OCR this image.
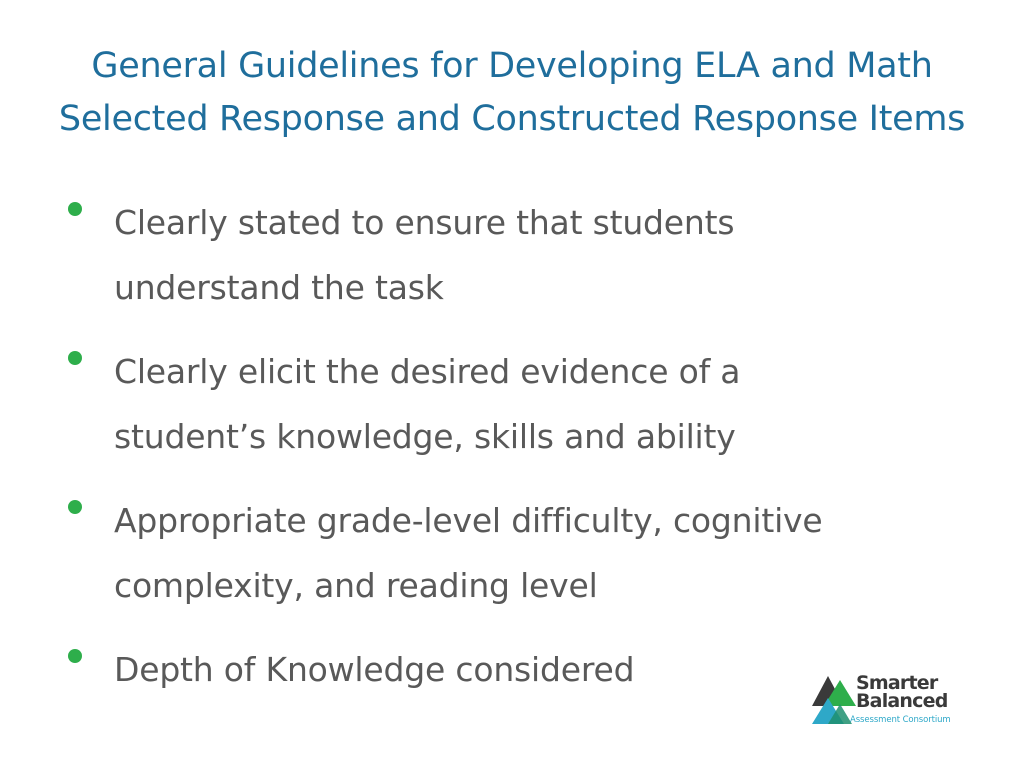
General Guidelines for Developing ELA and Math
Selected Response and Constructed Response Items
Clearly stated to ensure that students
understand the task
Clearly elicit the desired evidence of a
student’s knowledge, skills and ability
Appropriate grade-level difficulty, cognitive
complexity, and reading level
Depth of Knowledge considered	Smarter
Balanced
Assessment Consortium
